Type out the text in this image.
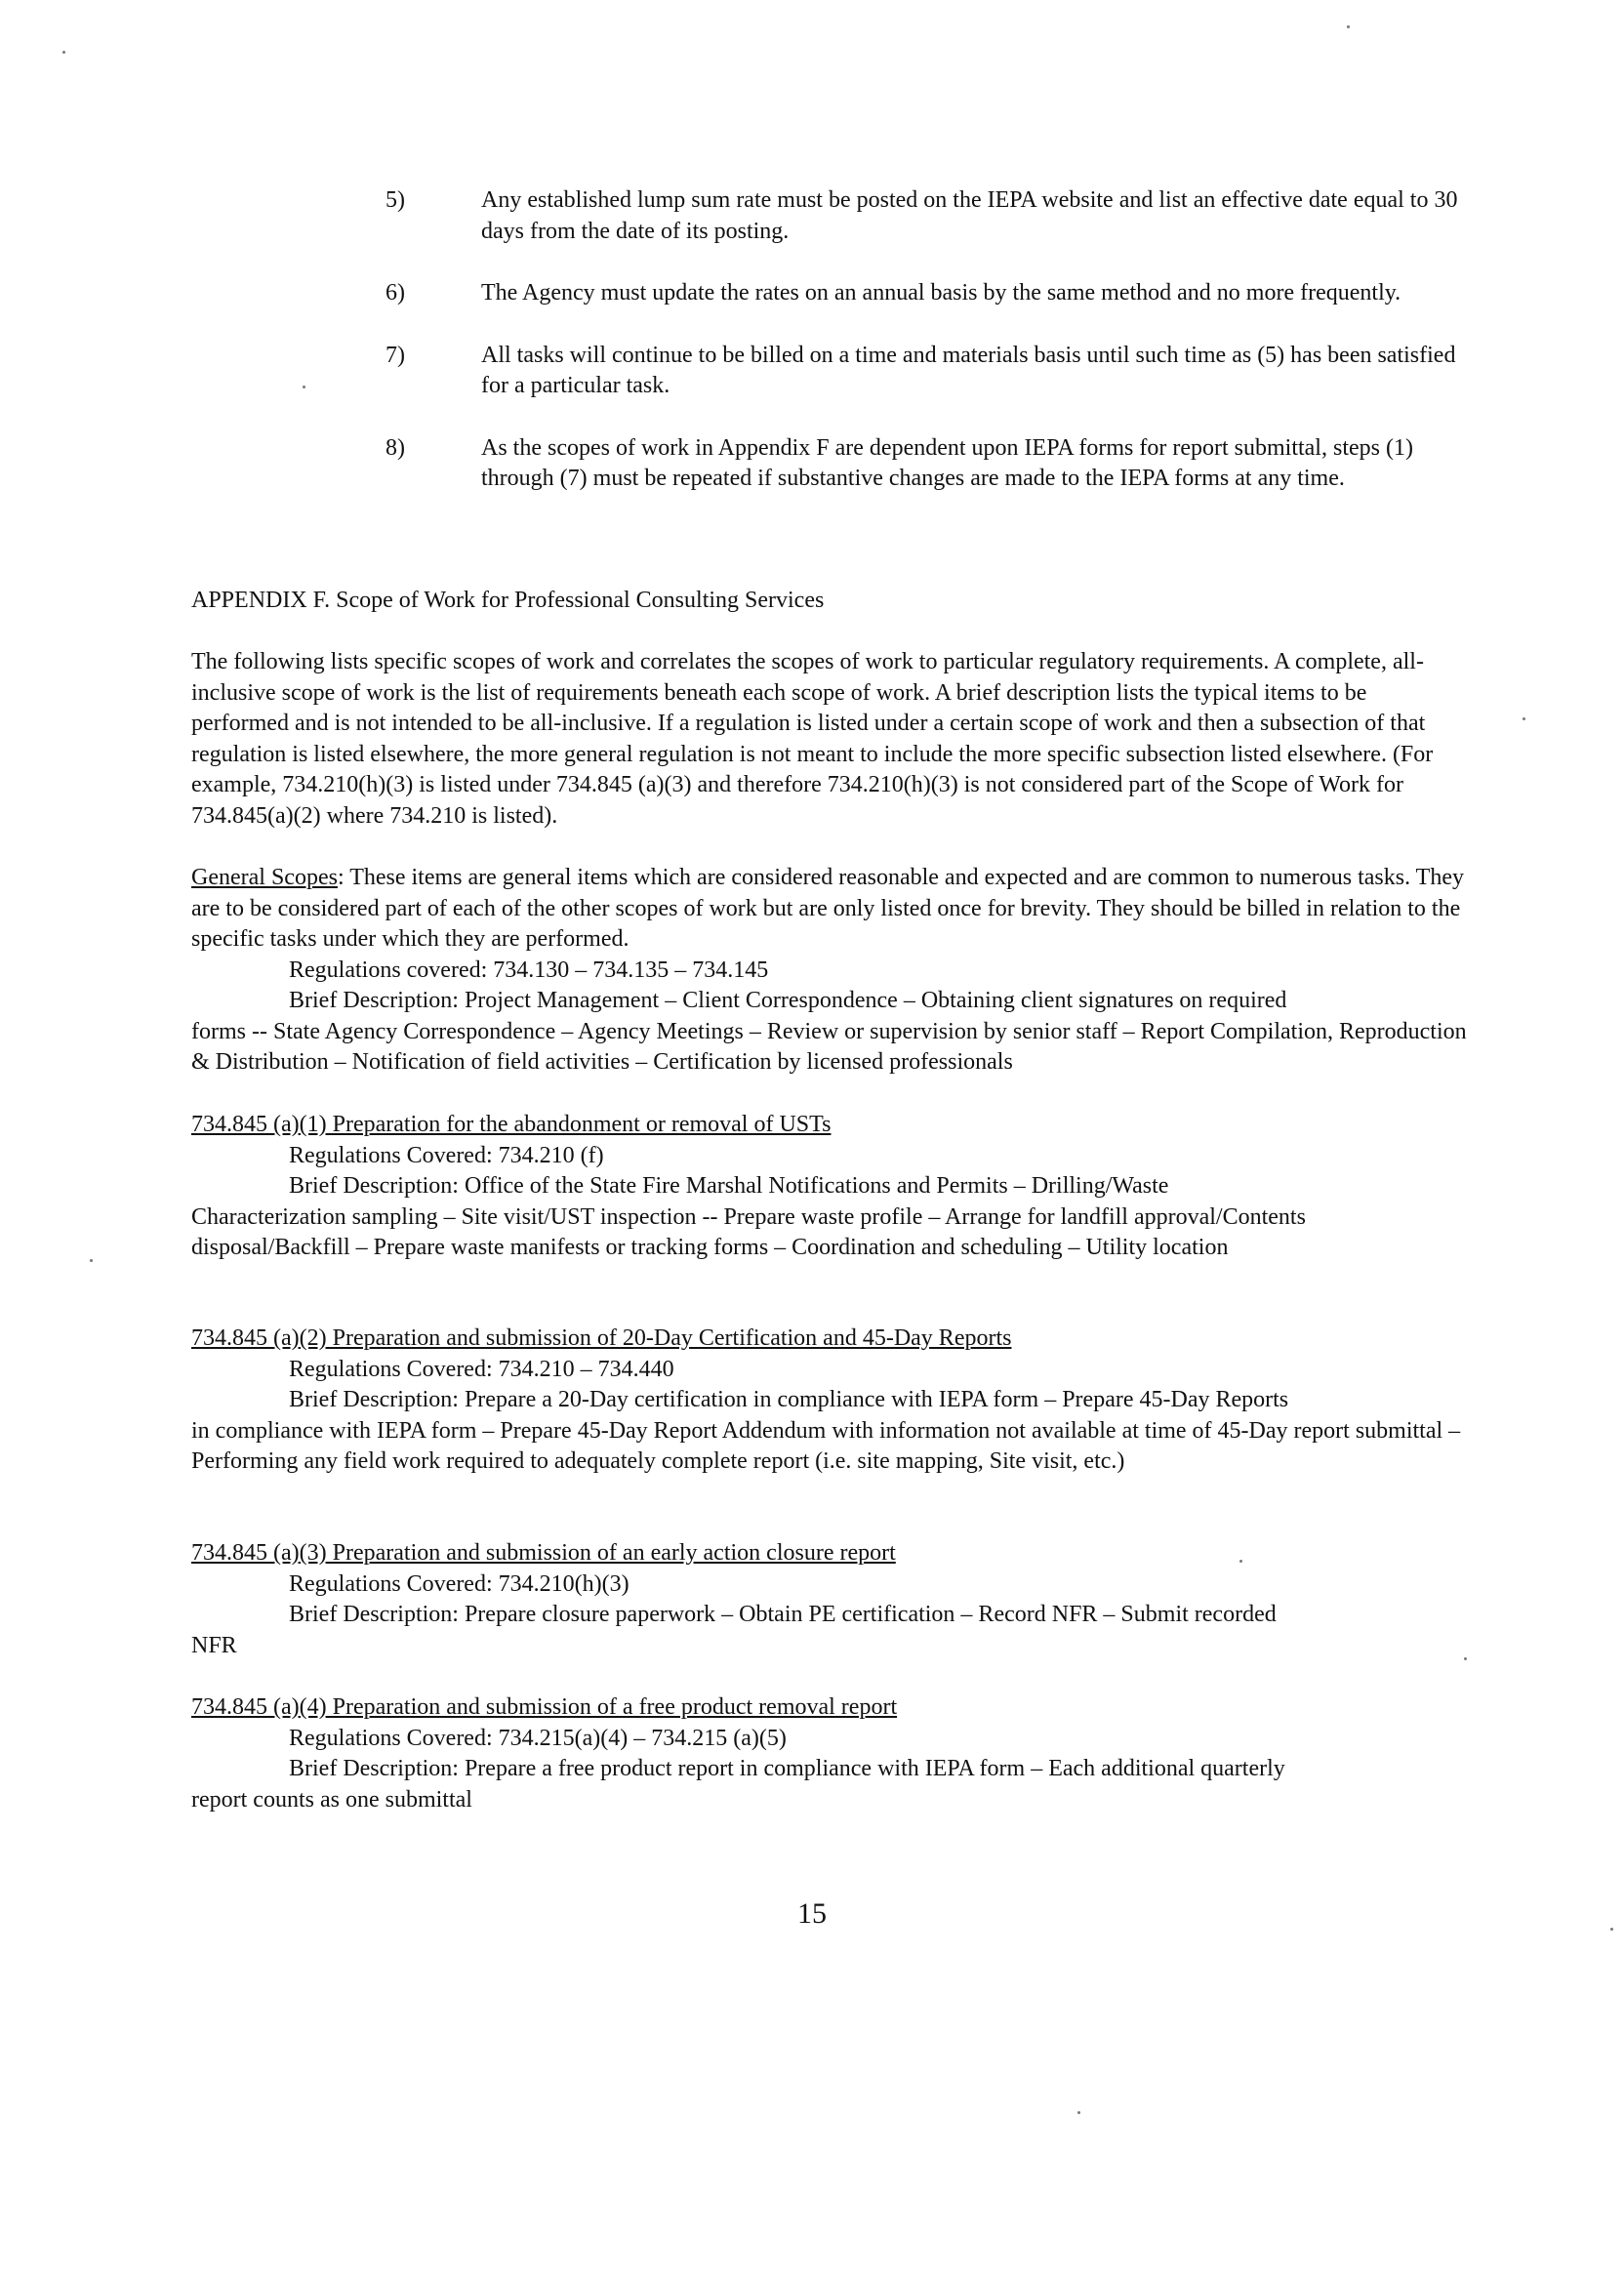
5)	Any established lump sum rate must be posted on the IEPA website and list an effective date equal to 30 days from the date of its posting.
6)	The Agency must update the rates on an annual basis by the same method and no more frequently.
7)	All tasks will continue to be billed on a time and materials basis until such time as (5) has been satisfied for a particular task.
8)	As the scopes of work in Appendix F are dependent upon IEPA forms for report submittal, steps (1) through (7) must be repeated if substantive changes are made to the IEPA forms at any time.
APPENDIX F. Scope of Work for Professional Consulting Services

The following lists specific scopes of work and correlates the scopes of work to particular regulatory requirements. A complete, all-inclusive scope of work is the list of requirements beneath each scope of work. A brief description lists the typical items to be performed and is not intended to be all-inclusive. If a regulation is listed under a certain scope of work and then a subsection of that regulation is listed elsewhere, the more general regulation is not meant to include the more specific subsection listed elsewhere. (For example, 734.210(h)(3) is listed under 734.845 (a)(3) and therefore 734.210(h)(3) is not considered part of the Scope of Work for 734.845(a)(2) where 734.210 is listed).

General Scopes: These items are general items which are considered reasonable and expected and are common to numerous tasks. They are to be considered part of each of the other scopes of work but are only listed once for brevity. They should be billed in relation to the specific tasks under which they are performed.

Regulations covered: 734.130 – 734.135 – 734.145
Brief Description: Project Management – Client Correspondence – Obtaining client signatures on required
forms -- State Agency Correspondence – Agency Meetings – Review or supervision by senior staff – Report Compilation, Reproduction & Distribution – Notification of field activities – Certification by licensed professionals
734.845 (a)(1) Preparation for the abandonment or removal of USTs
Regulations Covered: 734.210 (f)
Brief Description: Office of the State Fire Marshal Notifications and Permits – Drilling/Waste
Characterization sampling – Site visit/UST inspection -- Prepare waste profile – Arrange for landfill approval/Contents disposal/Backfill – Prepare waste manifests or tracking forms – Coordination and scheduling – Utility location
734.845 (a)(2) Preparation and submission of 20-Day Certification and 45-Day Reports
Regulations Covered: 734.210 – 734.440
Brief Description: Prepare a 20-Day certification in compliance with IEPA form – Prepare 45-Day Reports
in compliance with IEPA form – Prepare 45-Day Report Addendum with information not available at time of 45-Day report submittal – Performing any field work required to adequately complete report (i.e. site mapping, Site visit, etc.)
734.845 (a)(3) Preparation and submission of an early action closure report
Regulations Covered: 734.210(h)(3)
Brief Description: Prepare closure paperwork – Obtain PE certification – Record NFR – Submit recorded
NFR
734.845 (a)(4) Preparation and submission of a free product removal report
Regulations Covered: 734.215(a)(4) – 734.215 (a)(5)
Brief Description: Prepare a free product report in compliance with IEPA form – Each additional quarterly
report counts as one submittal
15
